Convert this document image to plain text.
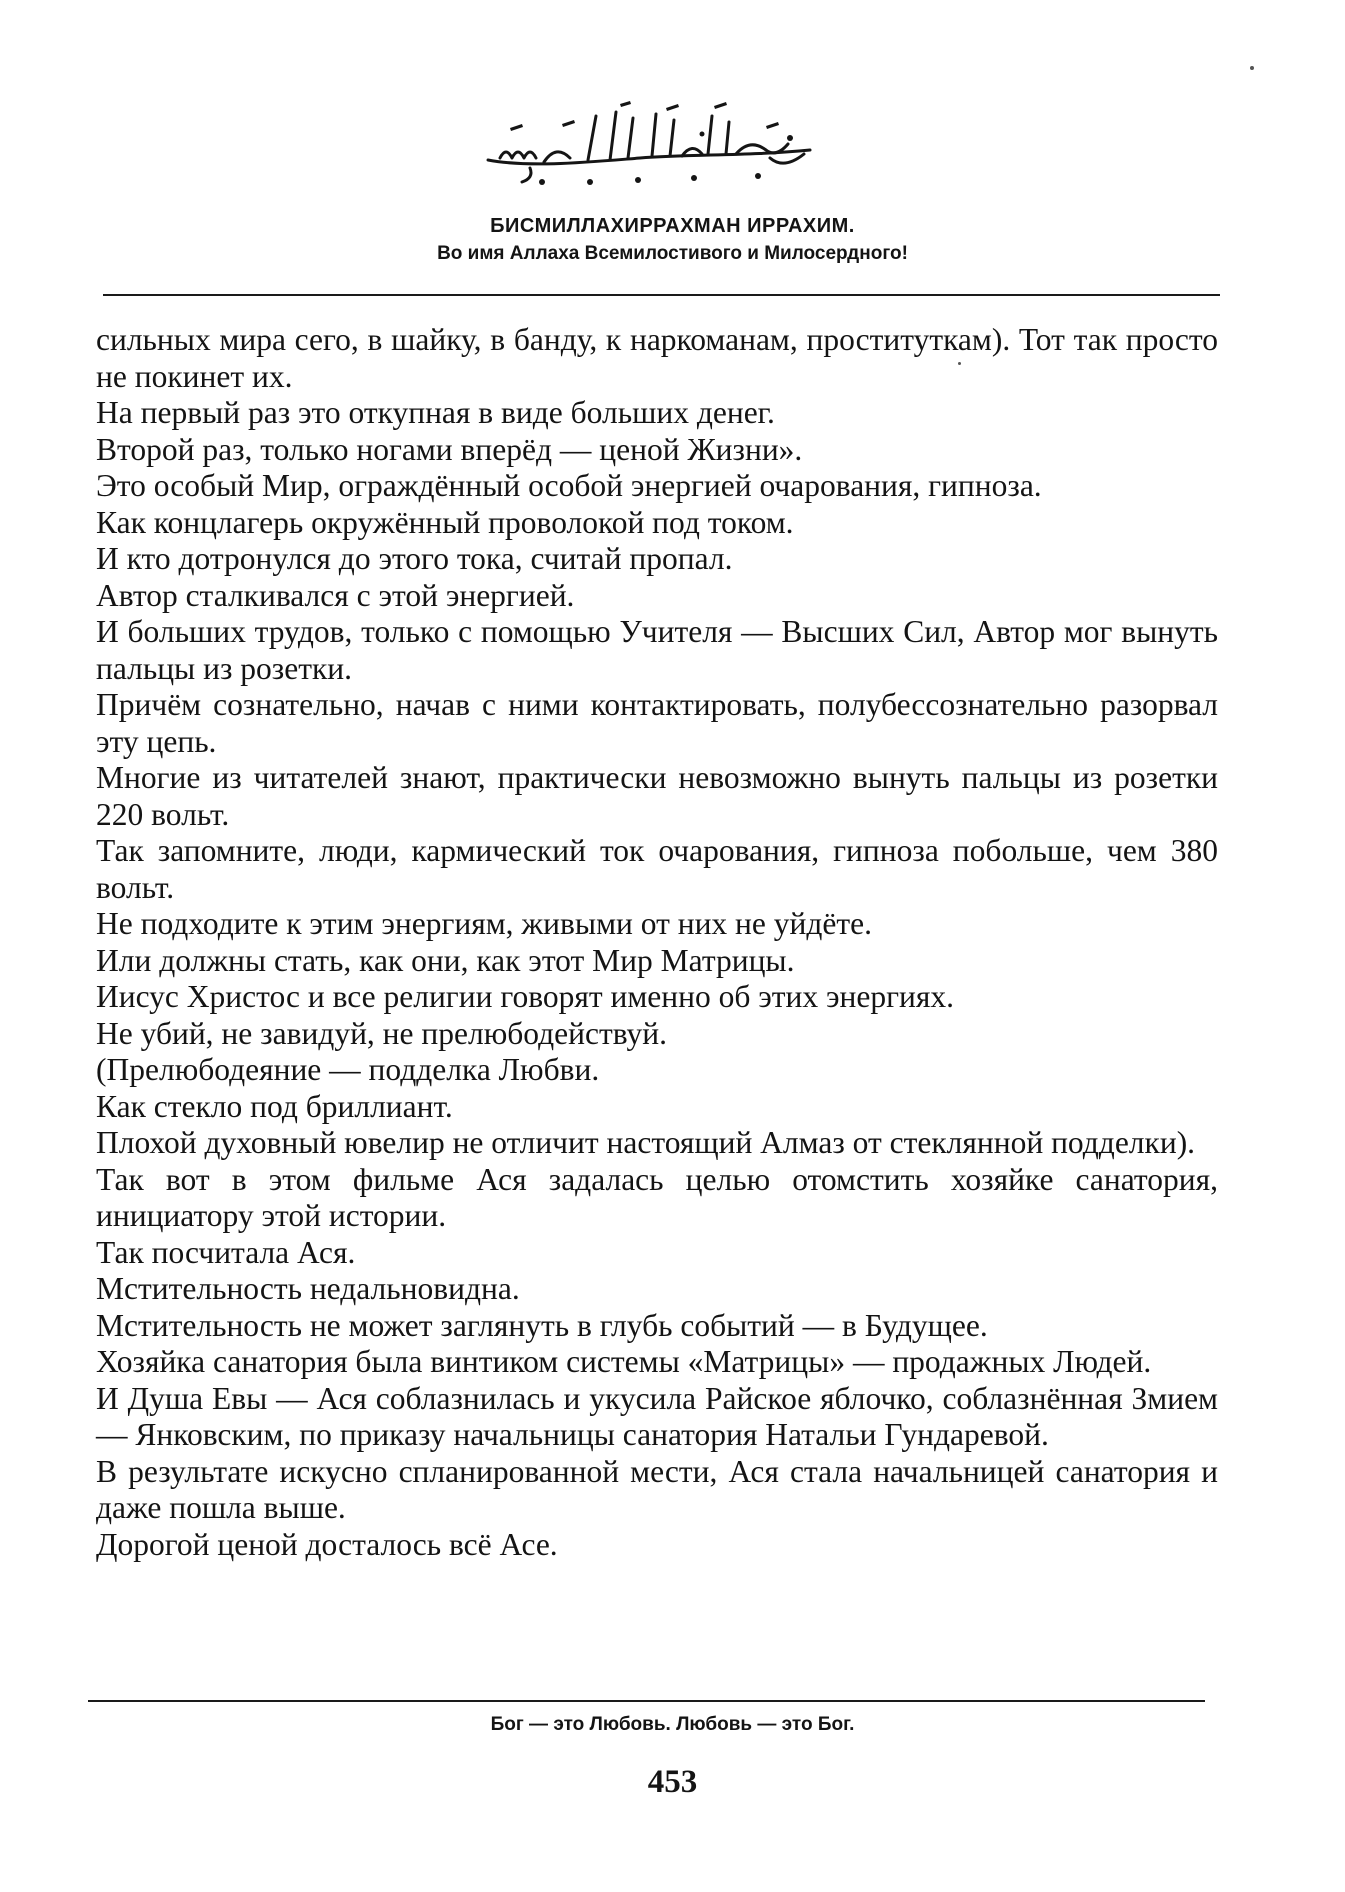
БИСМИЛЛАХИРРАХМАН ИРРАХИМ.
Во имя Аллаха Всемилостивого и Милосердного!

сильных мира сего, в шайку, в банду, к наркоманам, проституткам). Тот так просто не покинет их.

На первый раз это откупная в виде больших денег.

Второй раз, только ногами вперёд — ценой Жизни».

Это особый Мир, ограждённый особой энергией очарования, гипноза.

Как концлагерь окружённый проволокой под током.

И кто дотронулся до этого тока, считай пропал.

Автор сталкивался с этой энергией.

И больших трудов, только с помощью Учителя — Высших Сил, Автор мог вынуть пальцы из розетки.

Причём сознательно, начав с ними контактировать, полубессознательно разорвал эту цепь.

Многие из читателей знают, практически невозможно вынуть пальцы из розетки 220 вольт.

Так запомните, люди, кармический ток очарования, гипноза побольше, чем 380 вольт.

Не подходите к этим энергиям, живыми от них не уйдёте.

Или должны стать, как они, как этот Мир Матрицы.

Иисус Христос и все религии говорят именно об этих энергиях.

Не убий, не завидуй, не прелюбодействуй.

(Прелюбодеяние — подделка Любви.

Как стекло под бриллиант.

Плохой духовный ювелир не отличит настоящий Алмаз от стеклянной подделки).

Так вот в этом фильме Ася задалась целью отомстить хозяйке санатория, инициатору этой истории.

Так посчитала Ася.

Мстительность недальновидна.

Мстительность не может заглянуть в глубь событий — в Будущее.

Хозяйка санатория была винтиком системы «Матрицы» — продажных Людей.

И Душа Евы — Ася соблазнилась и укусила Райское яблочко, соблазнённая Змием — Янковским, по приказу начальницы санатория Натальи Гундаревой.

В результате искусно спланированной мести, Ася стала начальницей санатория и даже пошла выше.

Дорогой ценой досталось всё Асе.

Бог — это Любовь. Любовь — это Бог.
453
